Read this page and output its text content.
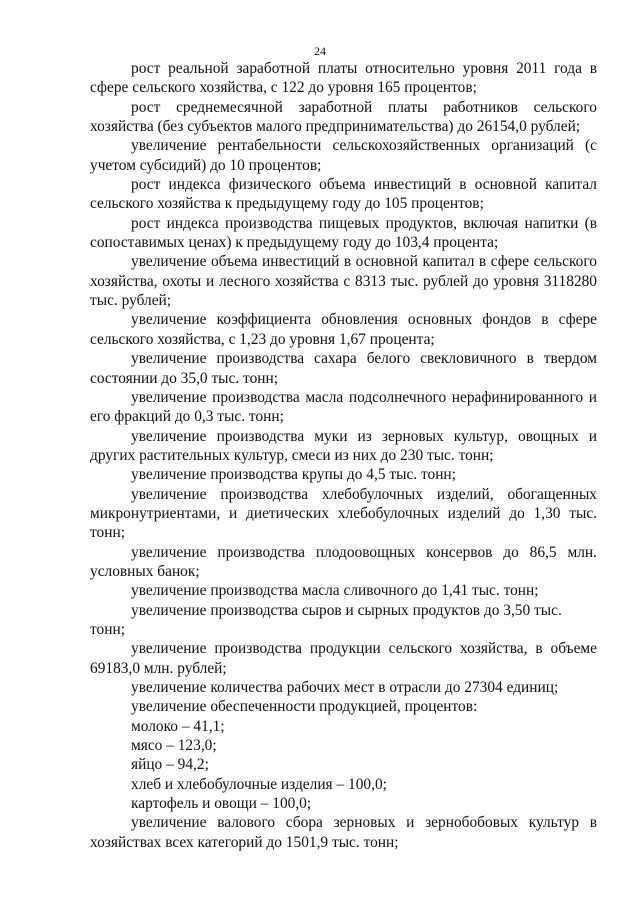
24

рост реальной заработной платы относительно уровня 2011 года в сфере сельского хозяйства, с 122 до уровня 165 процентов;

рост среднемесячной заработной платы работников сельского хозяйства (без субъектов малого предпринимательства) до 26154,0 рублей;

увеличение рентабельности сельскохозяйственных организаций (с учетом субсидий) до 10 процентов;

рост индекса физического объема инвестиций в основной капитал сельского хозяйства к предыдущему году до 105 процентов;

рост индекса производства пищевых продуктов, включая напитки (в сопоставимых ценах) к предыдущему году до 103,4 процента;

увеличение объема инвестиций в основной капитал в сфере сельского хозяйства, охоты и лесного хозяйства с 8313 тыс. рублей до уровня 3118280 тыс. рублей;

увеличение коэффициента обновления основных фондов в сфере сельского хозяйства, с 1,23 до уровня 1,67 процента;

увеличение производства сахара белого свекловичного в твердом состоянии до 35,0 тыс. тонн;

увеличение производства масла подсолнечного нерафинированного и его фракций до 0,3 тыс. тонн;

увеличение производства муки из зерновых культур, овощных и других растительных культур, смеси из них до 230 тыс. тонн;

увеличение производства крупы до 4,5 тыс. тонн;

увеличение производства хлебобулочных изделий, обогащенных микронутриентами, и диетических хлебобулочных изделий до 1,30 тыс. тонн;

увеличение производства плодоовощных консервов до 86,5 млн. условных банок;

увеличение производства масла сливочного до 1,41 тыс. тонн;

увеличение производства сыров и сырных продуктов до 3,50 тыс. тонн;

увеличение производства продукции сельского хозяйства, в объеме 69183,0 млн. рублей;

увеличение количества рабочих мест в отрасли до 27304 единиц;

увеличение обеспеченности продукцией, процентов:

молоко – 41,1;

мясо – 123,0;

яйцо – 94,2;

хлеб и хлебобулочные изделия – 100,0;

картофель и овощи – 100,0;

увеличение валового сбора зерновых и зернобобовых культур в хозяйствах всех категорий до 1501,9 тыс. тонн;
